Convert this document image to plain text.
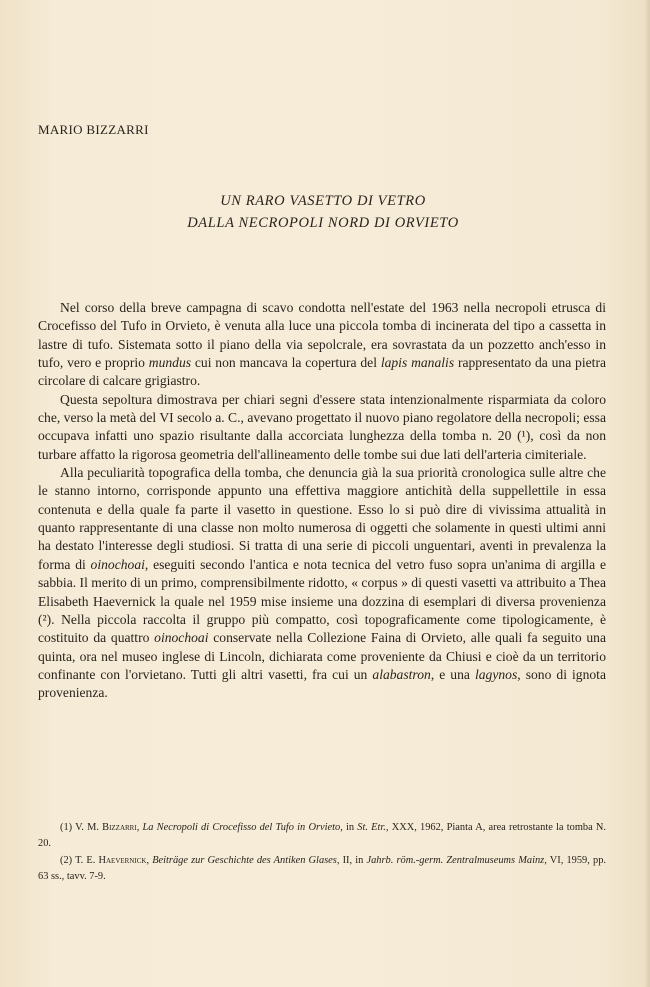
MARIO BIZZARRI
UN RARO VASETTO DI VETRO
DALLA NECROPOLI NORD DI ORVIETO

Nel corso della breve campagna di scavo condotta nell'estate del 1963 nella necropoli etrusca di Crocefisso del Tufo in Orvieto, è venuta alla luce una piccola tomba di incinerata del tipo a cassetta in lastre di tufo. Sistemata sotto il piano della via sepolcrale, era sovrastata da un pozzetto anch'esso in tufo, vero e proprio mundus cui non mancava la copertura del lapis manalis rappresentato da una pietra circolare di calcare grigiastro.

Questa sepoltura dimostrava per chiari segni d'essere stata intenzionalmente risparmiata da coloro che, verso la metà del VI secolo a. C., avevano progettato il nuovo piano regolatore della necropoli; essa occupava infatti uno spazio risultante dalla accorciata lunghezza della tomba n. 20 (¹), così da non turbare affatto la rigorosa geometria dell'allineamento delle tombe sui due lati dell'arteria cimiteriale.

Alla peculiarità topografica della tomba, che denuncia già la sua priorità cronologica sulle altre che le stanno intorno, corrisponde appunto una effettiva maggiore antichità della suppellettile in essa contenuta e della quale fa parte il vasetto in questione. Esso lo si può dire di vivissima attualità in quanto rappresentante di una classe non molto numerosa di oggetti che solamente in questi ultimi anni ha destato l'interesse degli studiosi. Si tratta di una serie di piccoli unguentari, aventi in prevalenza la forma di oinochoai, eseguiti secondo l'antica e nota tecnica del vetro fuso sopra un'anima di argilla e sabbia. Il merito di un primo, comprensibilmente ridotto, « corpus » di questi vasetti va attribuito a Thea Elisabeth Haevernick la quale nel 1959 mise insieme una dozzina di esemplari di diversa provenienza (²). Nella piccola raccolta il gruppo più compatto, così topograficamente come tipologicamente, è costituito da quattro oinochoai conservate nella Collezione Faina di Orvieto, alle quali fa seguito una quinta, ora nel museo inglese di Lincoln, dichiarata come proveniente da Chiusi e cioè da un territorio confinante con l'orvietano. Tutti gli altri vasetti, fra cui un alabastron, e una lagynos, sono di ignota provenienza.

(1) V. M. Bizzarri, La Necropoli di Crocefisso del Tufo in Orvieto, in St. Etr., XXX, 1962, Pianta A, area retrostante la tomba N. 20.

(2) T. E. Haevernick, Beiträge zur Geschichte des Antiken Glases, II, in Jahrb. röm.-germ. Zentralmuseums Mainz, VI, 1959, pp. 63 ss., tavv. 7-9.
